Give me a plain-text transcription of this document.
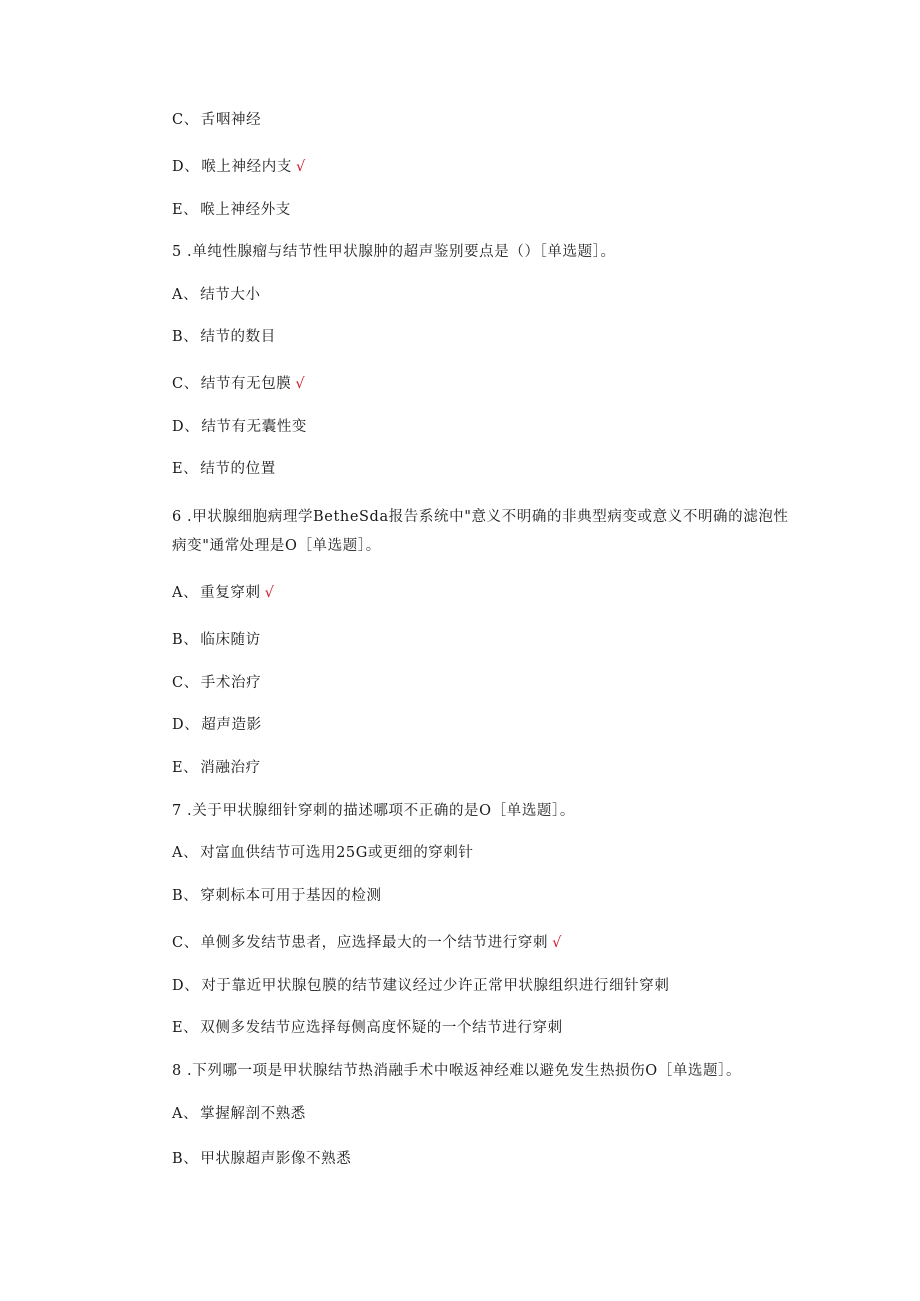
C、 舌咽神经
D、 喉上神经内支 √
E、 喉上神经外支
5 .单纯性腺瘤与结节性甲状腺肿的超声鉴别要点是（）［单选题］。
A、 结节大小
B、 结节的数目
C、 结节有无包膜 √
D、 结节有无囊性变
E、 结节的位置
6 .甲状腺细胞病理学BetheSda报告系统中"意义不明确的非典型病变或意义不明确的滤泡性病变"通常处理是O［单选题］。
A、 重复穿刺 √
B、 临床随访
C、 手术治疗
D、 超声造影
E、 消融治疗
7 .关于甲状腺细针穿刺的描述哪项不正确的是O［单选题］。
A、 对富血供结节可选用25G或更细的穿刺针
B、 穿刺标本可用于基因的检测
C、 单侧多发结节患者，应选择最大的一个结节进行穿刺 √
D、 对于靠近甲状腺包膜的结节建议经过少许正常甲状腺组织进行细针穿刺
E、 双侧多发结节应选择每侧高度怀疑的一个结节进行穿刺
8 .下列哪一项是甲状腺结节热消融手术中喉返神经难以避免发生热损伤O［单选题］。
A、 掌握解剖不熟悉
B、 甲状腺超声影像不熟悉
